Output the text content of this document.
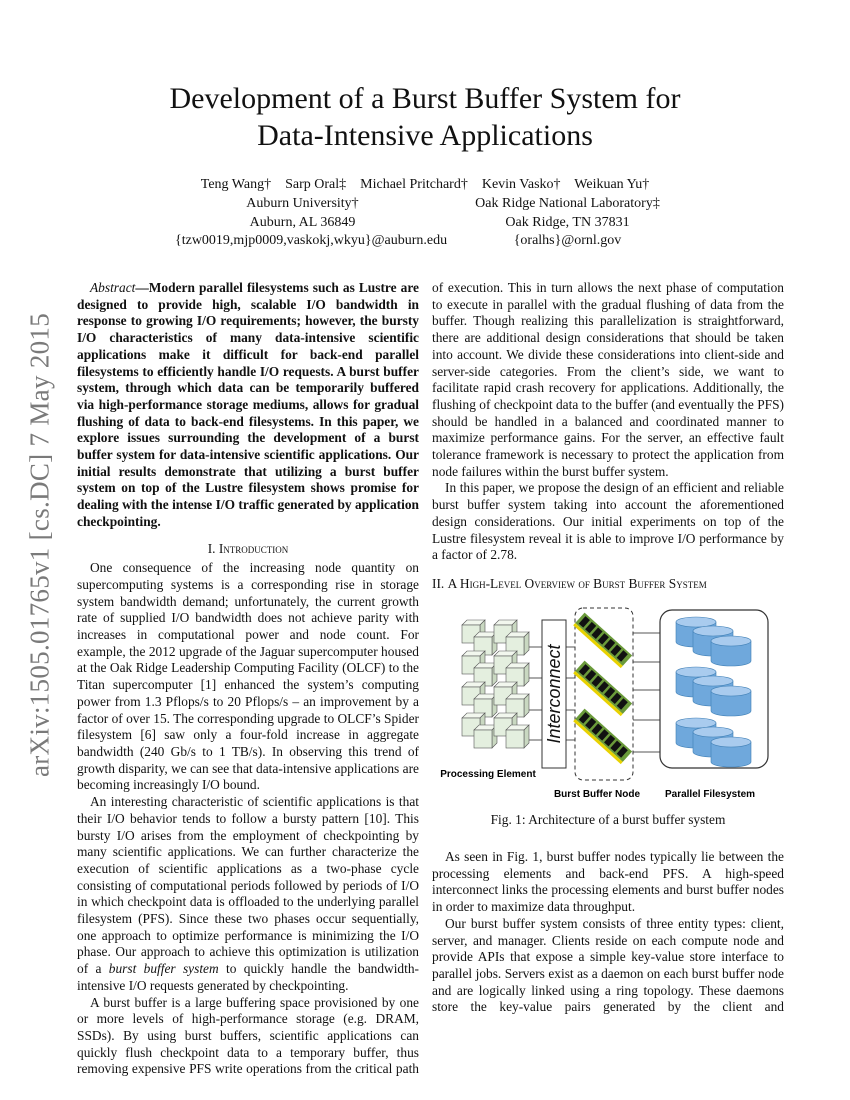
arXiv:1505.01765v1 [cs.DC] 7 May 2015
Development of a Burst Buffer System for
Data-Intensive Applications
Teng Wang†    Sarp Oral‡    Michael Pritchard†    Kevin Vasko†    Weikuan Yu†
Auburn University†
Auburn, AL 36849
{tzw0019,mjp0009,vaskokj,wkyu}@auburn.edu
Oak Ridge National Laboratory‡
Oak Ridge, TN 37831
{oralhs}@ornl.gov

Abstract—Modern parallel filesystems such as Lustre are designed to provide high, scalable I/O bandwidth in response to growing I/O requirements; however, the bursty I/O characteristics of many data-intensive scientific applications make it difficult for back-end parallel filesystems to efficiently handle I/O requests. A burst buffer system, through which data can be temporarily buffered via high-performance storage mediums, allows for gradual flushing of data to back-end filesystems. In this paper, we explore issues surrounding the development of a burst buffer system for data-intensive scientific applications. Our initial results demonstrate that utilizing a burst buffer system on top of the Lustre filesystem shows promise for dealing with the intense I/O traffic generated by application checkpointing.

I. Introduction

One consequence of the increasing node quantity on supercomputing systems is a corresponding rise in storage system bandwidth demand; unfortunately, the current growth rate of supplied I/O bandwidth does not achieve parity with increases in computational power and node count. For example, the 2012 upgrade of the Jaguar supercomputer housed at the Oak Ridge Leadership Computing Facility (OLCF) to the Titan supercomputer [1] enhanced the system’s computing power from 1.3 Pflops/s to 20 Pflops/s – an improvement by a factor of over 15. The corresponding upgrade to OLCF’s Spider filesystem [6] saw only a four-fold increase in aggregate bandwidth (240 Gb/s to 1 TB/s). In observing this trend of growth disparity, we can see that data-intensive applications are becoming increasingly I/O bound.

An interesting characteristic of scientific applications is that their I/O behavior tends to follow a bursty pattern [10]. This bursty I/O arises from the employment of checkpointing by many scientific applications. We can further characterize the execution of scientific applications as a two-phase cycle consisting of computational periods followed by periods of I/O in which checkpoint data is offloaded to the underlying parallel filesystem (PFS). Since these two phases occur sequentially, one approach to optimize performance is minimizing the I/O phase. Our approach to achieve this optimization is utilization of a burst buffer system to quickly handle the bandwidth-intensive I/O requests generated by checkpointing.

A burst buffer is a large buffering space provisioned by one or more levels of high-performance storage (e.g. DRAM, SSDs). By using burst buffers, scientific applications can quickly flush checkpoint data to a temporary buffer, thus removing expensive PFS write operations from the critical path

of execution. This in turn allows the next phase of computation to execute in parallel with the gradual flushing of data from the buffer. Though realizing this parallelization is straightforward, there are additional design considerations that should be taken into account. We divide these considerations into client-side and server-side categories. From the client’s side, we want to facilitate rapid crash recovery for applications. Additionally, the flushing of checkpoint data to the buffer (and eventually the PFS) should be handled in a balanced and coordinated manner to maximize performance gains. For the server, an effective fault tolerance framework is necessary to protect the application from node failures within the burst buffer system.

In this paper, we propose the design of an efficient and reliable burst buffer system taking into account the aforementioned design considerations. Our initial experiments on top of the Lustre filesystem reveal it is able to improve I/O performance by a factor of 2.78.

II. A High-Level Overview of Burst Buffer System
Interconnect
Processing Element
Burst Buffer Node Parallel Filesystem
Fig. 1: Architecture of a burst buffer system

As seen in Fig. 1, burst buffer nodes typically lie between the processing elements and back-end PFS. A high-speed interconnect links the processing elements and burst buffer nodes in order to maximize data throughput.

Our burst buffer system consists of three entity types: client, server, and manager. Clients reside on each compute node and provide APIs that expose a simple key-value store interface to parallel jobs. Servers exist as a daemon on each burst buffer node and are logically linked using a ring topology. These daemons store the key-value pairs generated by the client and
